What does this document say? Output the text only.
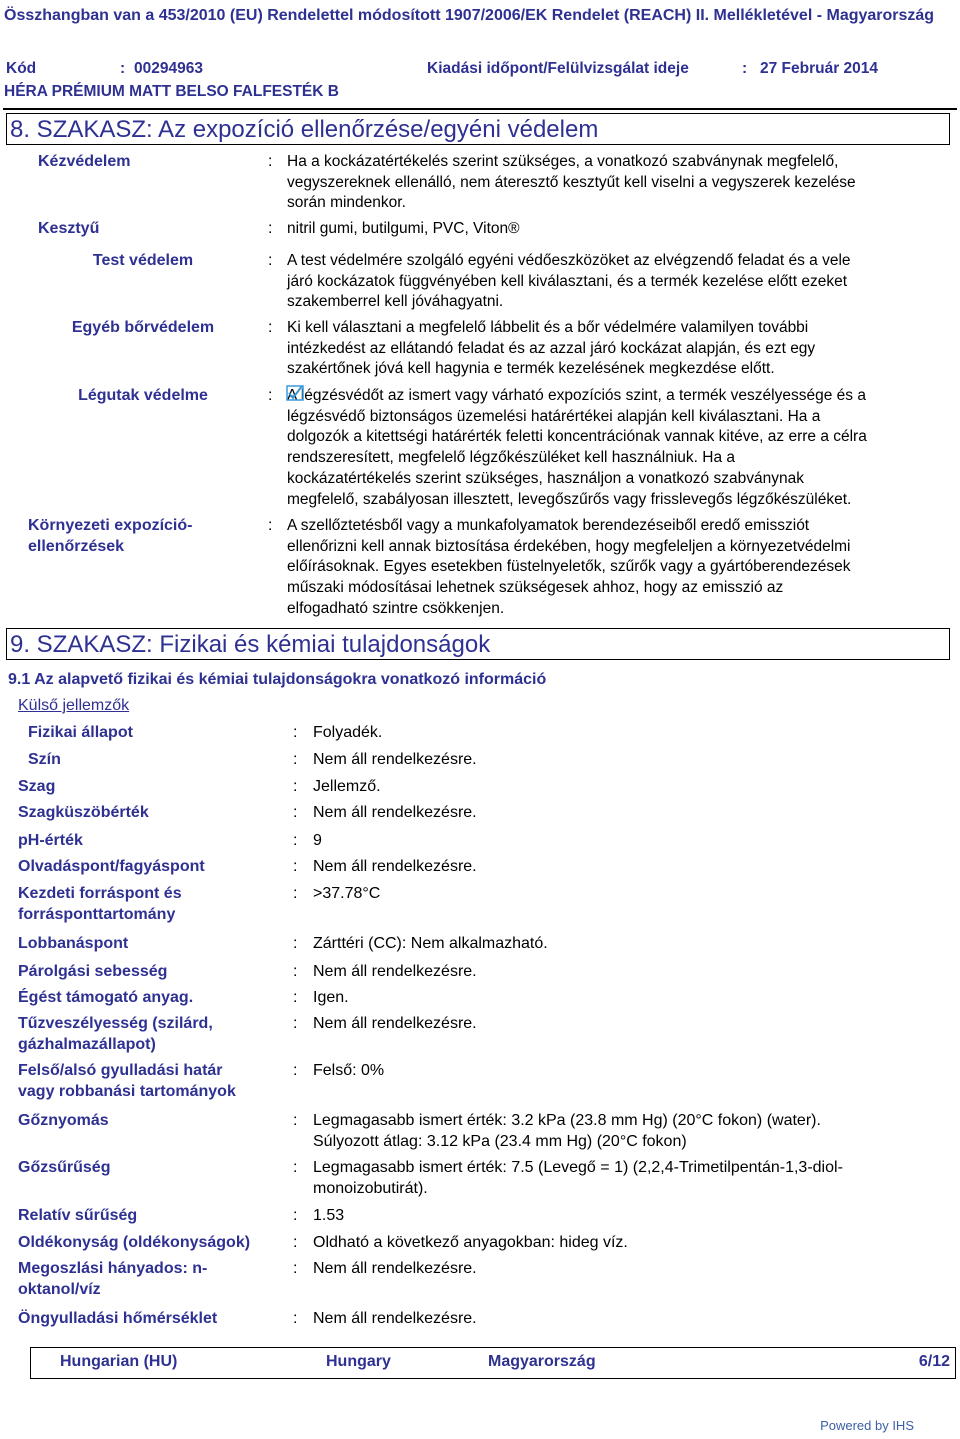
Összhangban van a 453/2010 (EU) Rendelettel módosított 1907/2006/EK Rendelet (REACH) II. Mellékletével - Magyarország
Kód	: 00294963	Kiadási időpont/Felülvizsgálat ideje	: 27 Február 2014
HÉRA PRÉMIUM MATT BELSO FALFESTÉK B
8. SZAKASZ: Az expozíció ellenőrzése/egyéni védelem
Kézvédelem	: Ha a kockázatértékelés szerint szükséges, a vonatkozó szabványnak megfelelő,
vegyszereknek ellenálló, nem áteresztő kesztyűt kell viselni a vegyszerek kezelése
során mindenkor.
Kesztyű	: nitril gumi, butilgumi, PVC, Viton®
Test védelem	: A test védelmére szolgáló egyéni védőeszközöket az elvégzendő feladat és a vele
járó kockázatok függvényében kell kiválasztani, és a termék kezelése előtt ezeket
szakemberrel kell jóváhagyatni.
Egyéb bőrvédelem	: Ki kell választani a megfelelő lábbelit és a bőr védelmére valamilyen további
intézkedést az ellátandó feladat és az azzal járó kockázat alapján, és ezt egy
szakértőnek jóvá kell hagynia e termék kezelésének megkezdése előtt.
Légutak védelme	: A légzésvédőt az ismert vagy várható expozíciós szint, a termék veszélyessége és a
légzésvédő biztonságos üzemelési határértékei alapján kell kiválasztani. Ha a
dolgozók a kitettségi határérték feletti koncentrációnak vannak kitéve, az erre a célra
rendszeresített, megfelelő légzőkészüléket kell használniuk. Ha a
kockázatértékelés szerint szükséges, használjon a vonatkozó szabványnak
megfelelő, szabályosan illesztett, levegőszűrős vagy frisslevegős légzőkészüléket.
Környezeti expozíció-
ellenőrzések
: A szellőztetésből vagy a munkafolyamatok berendezéseiből eredő emissziót
ellenőrizni kell annak biztosítása érdekében, hogy megfeleljen a környezetvédelmi
előírásoknak. Egyes esetekben füstelnyeletők, szűrők vagy a gyártóberendezések
műszaki módosításai lehetnek szükségesek ahhoz, hogy az emisszió az
elfogadható szintre csökkenjen.
9. SZAKASZ: Fizikai és kémiai tulajdonságok
9.1 Az alapvető fizikai és kémiai tulajdonságokra vonatkozó információ
Külső jellemzők
Fizikai állapot	: Folyadék.
Szín	: Nem áll rendelkezésre.
Szag	: Jellemző.
Szagküszöbérték	: Nem áll rendelkezésre.
pH-érték	: 9
Olvadáspont/fagyáspont	: Nem áll rendelkezésre.
Kezdeti forráspont és
forrásponttartomány
: >37.78°C
Lobbanáspont	: Zárttéri (CC): Nem alkalmazható.
Párolgási sebesség	: Nem áll rendelkezésre.
Égést támogató anyag.	: Igen.
Tűzveszélyesség (szilárd,
gázhalmazállapot)
: Nem áll rendelkezésre.
Felső/alsó gyulladási határ
vagy robbanási tartományok
: Felső: 0%
Gőznyomás	: Legmagasabb ismert érték: 3.2 kPa (23.8 mm Hg) (20°C fokon) (water).
Súlyozott átlag: 3.12 kPa (23.4 mm Hg) (20°C fokon)
Gőzsűrűség	: Legmagasabb ismert érték: 7.5 (Levegő = 1) (2,2,4-Trimetilpentán-1,3-diol-
monoizobutirát).
Relatív sűrűség	: 1.53
Oldékonyság (oldékonyságok)	: Oldható a következő anyagokban: hideg víz.
Megoszlási hányados: n-
oktanol/víz
: Nem áll rendelkezésre.
Öngyulladási hőmérséklet	: Nem áll rendelkezésre.
Hungarian (HU)	Hungary	Magyarország	6/12
Powered by IHS
